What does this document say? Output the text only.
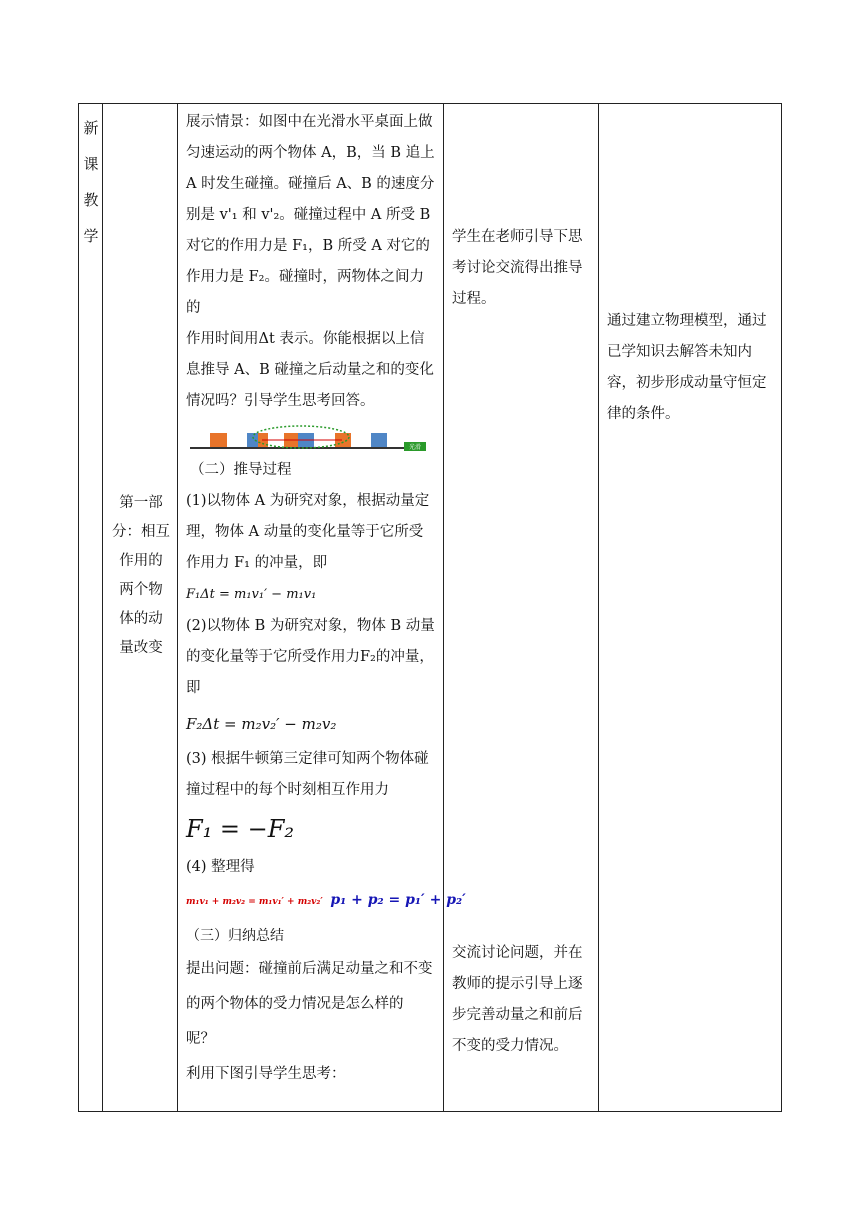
新
课
教
学
第一部
分：相互
作用的
两个物
体的动
量改变

展示情景：如图中在光滑水平桌面上做

匀速运动的两个物体 A，B，当 B 追上

A 时发生碰撞。碰撞后 A、B 的速度分

别是 v'₁ 和 v'₂。碰撞过程中 A 所受 B

对它的作用力是 F₁，B 所受 A 对它的

作用力是 F₂。碰撞时，两物体之间力的

作用时间用Δt 表示。你能根据以上信

息推导 A、B 碰撞之后动量之和的变化

情况吗？引导学生思考回答。

光滑

（二）推导过程

(1)以物体 A 为研究对象，根据动量定

理，物体 A 动量的变化量等于它所受

作用力 F₁ 的冲量，即

F₁Δt = m₁v₁′ − m₁v₁

(2)以物体 B 为研究对象，物体 B 动量

的变化量等于它所受作用力F₂的冲量，

即

F₂Δt = m₂v₂′ − m₂v₂

(3) 根据牛顿第三定律可知两个物体碰

撞过程中的每个时刻相互作用力

F₁ = −F₂

(4) 整理得

m₁v₁ + m₂v₂ = m₁v₁′ + m₂v₂′ p₁ + p₂ = p₁′ + p₂′

（三）归纳总结

提出问题：碰撞前后满足动量之和不变

的两个物体的受力情况是怎么样的

呢？

利用下图引导学生思考：

学生在老师引导下思

考讨论交流得出推导

过程。

交流讨论问题，并在

教师的提示引导上逐

步完善动量之和前后

不变的受力情况。

通过建立物理模型，通过

已学知识去解答未知内

容，初步形成动量守恒定

律的条件。
